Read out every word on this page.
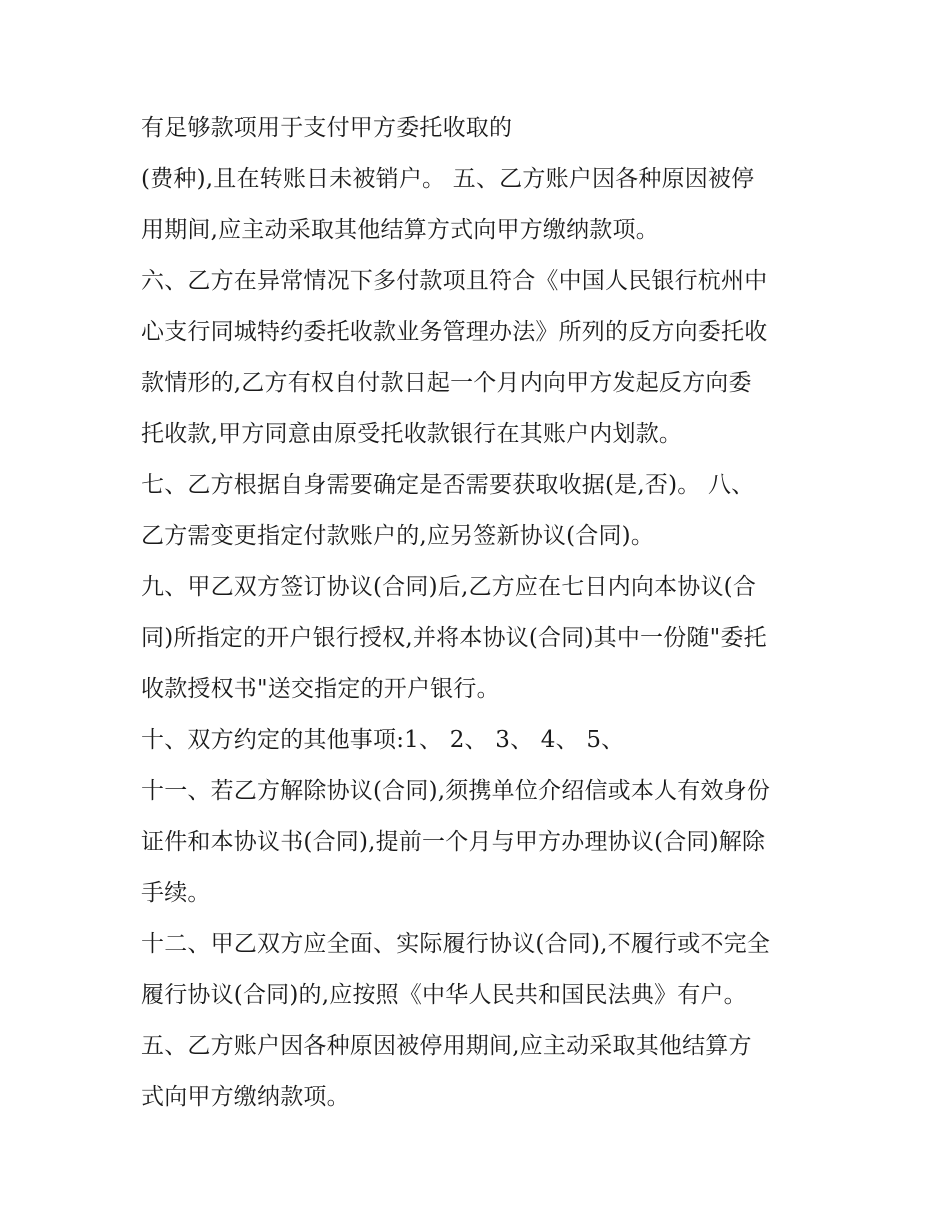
有足够款项用于支付甲方委托收取的
(费种),且在转账日未被销户。 五、乙方账户因各种原因被停
用期间,应主动采取其他结算方式向甲方缴纳款项。
六、乙方在异常情况下多付款项且符合《中国人民银行杭州中
心支行同城特约委托收款业务管理办法》所列的反方向委托收
款情形的,乙方有权自付款日起一个月内向甲方发起反方向委
托收款,甲方同意由原受托收款银行在其账户内划款。
七、乙方根据自身需要确定是否需要获取收据(是,否)。 八、
乙方需变更指定付款账户的,应另签新协议(合同)。
九、甲乙双方签订协议(合同)后,乙方应在七日内向本协议(合
同)所指定的开户银行授权,并将本协议(合同)其中一份随"委托
收款授权书"送交指定的开户银行。
十、双方约定的其他事项:1、 2、 3、 4、 5、
十一、若乙方解除协议(合同),须携单位介绍信或本人有效身份
证件和本协议书(合同),提前一个月与甲方办理协议(合同)解除
手续。
十二、甲乙双方应全面、实际履行协议(合同),不履行或不完全
履行协议(合同)的,应按照《中华人民共和国民法典》有户。
五、乙方账户因各种原因被停用期间,应主动采取其他结算方
式向甲方缴纳款项。
